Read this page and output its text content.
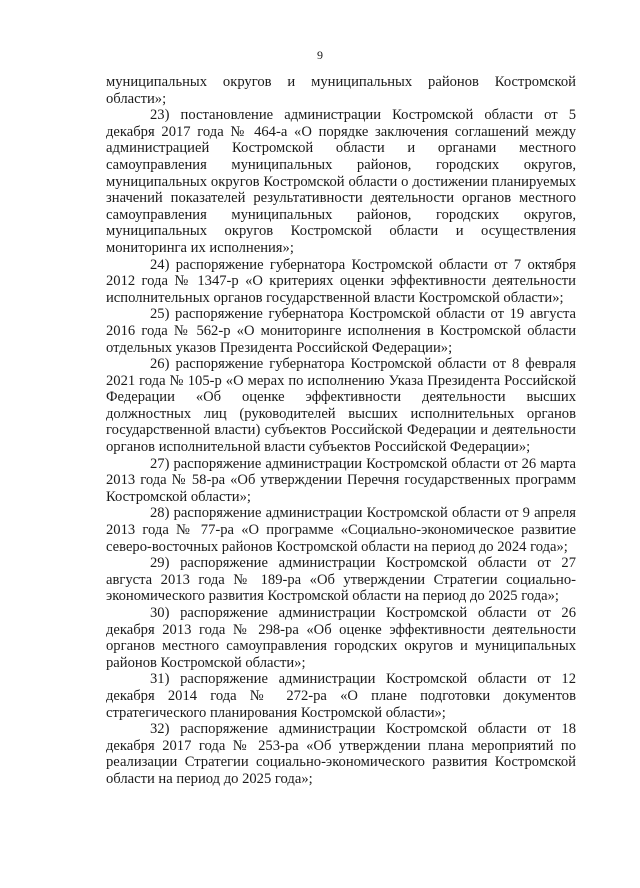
9

муниципальных округов и муниципальных районов Костромской области»;

23) постановление администрации Костромской области от 5 декабря 2017 года № 464-а «О порядке заключения соглашений между администрацией Костромской области и органами местного самоуправления муниципальных районов, городских округов, муниципальных округов Костромской области о достижении планируемых значений показателей результативности деятельности органов местного самоуправления муниципальных районов, городских округов, муниципальных округов Костромской области и осуществления мониторинга их исполнения»;

24) распоряжение губернатора Костромской области от 7 октября 2012 года № 1347-р «О критериях оценки эффективности деятельности исполнительных органов государственной власти Костромской области»;

25) распоряжение губернатора Костромской области от 19 августа 2016 года № 562-р «О мониторинге исполнения в Костромской области отдельных указов Президента Российской Федерации»;

26) распоряжение губернатора Костромской области от 8 февраля 2021 года № 105-р «О мерах по исполнению Указа Президента Российской Федерации «Об оценке эффективности деятельности высших должностных лиц (руководителей высших исполнительных органов государственной власти) субъектов Российской Федерации и деятельности органов исполнительной власти субъектов Российской Федерации»;

27) распоряжение администрации Костромской области от 26 марта 2013 года № 58-ра «Об утверждении Перечня государственных программ Костромской области»;

28) распоряжение администрации Костромской области от 9 апреля 2013 года № 77-ра «О программе «Социально-экономическое развитие северо-восточных районов Костромской области на период до 2024 года»;

29) распоряжение администрации Костромской области от 27 августа 2013 года № 189-ра «Об утверждении Стратегии социально-экономического развития Костромской области на период до 2025 года»;

30) распоряжение администрации Костромской области от 26 декабря 2013 года № 298-ра «Об оценке эффективности деятельности органов местного самоуправления городских округов и муниципальных районов Костромской области»;

31) распоряжение администрации Костромской области от 12 декабря 2014 года № 272-ра «О плане подготовки документов стратегического планирования Костромской области»;

32) распоряжение администрации Костромской области от 18 декабря 2017 года № 253-ра «Об утверждении плана мероприятий по реализации Стратегии социально-экономического развития Костромской области на период до 2025 года»;
